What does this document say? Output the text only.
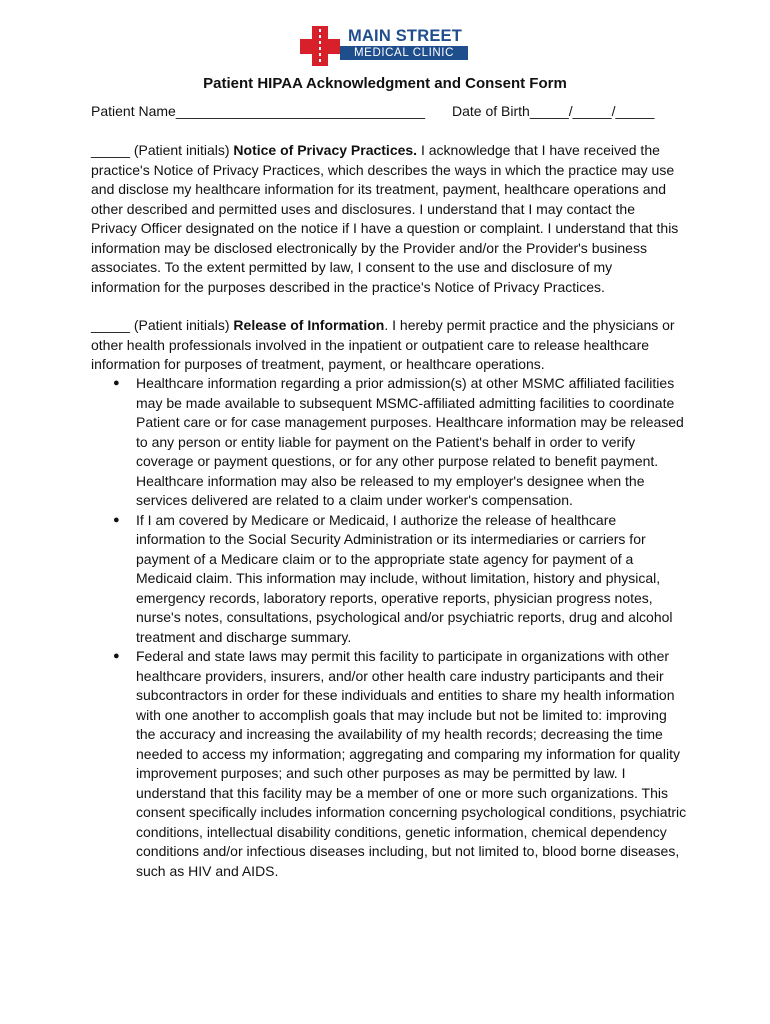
MAIN STREET
MEDICAL CLINIC
Patient HIPAA Acknowledgment and Consent Form
Patient Name________________________________ Date of Birth_____/_____/_____
_____ (Patient initials) Notice of Privacy Practices. I acknowledge that I have received the practice's Notice of Privacy Practices, which describes the ways in which the practice may use and disclose my healthcare information for its treatment, payment, healthcare operations and other described and permitted uses and disclosures. I understand that I may contact the Privacy Officer designated on the notice if I have a question or complaint. I understand that this information may be disclosed electronically by the Provider and/or the Provider's business associates. To the extent permitted by law, I consent to the use and disclosure of my information for the purposes described in the practice's Notice of Privacy Practices.
_____ (Patient initials) Release of Information. I hereby permit practice and the physicians or other health professionals involved in the inpatient or outpatient care to release healthcare information for purposes of treatment, payment, or healthcare operations.
● Healthcare information regarding a prior admission(s) at other MSMC affiliated facilities may be made available to subsequent MSMC-affiliated admitting facilities to coordinate Patient care or for case management purposes. Healthcare information may be released to any person or entity liable for payment on the Patient's behalf in order to verify coverage or payment questions, or for any other purpose related to benefit payment. Healthcare information may also be released to my employer's designee when the services delivered are related to a claim under worker's compensation.
● If I am covered by Medicare or Medicaid, I authorize the release of healthcare information to the Social Security Administration or its intermediaries or carriers for payment of a Medicare claim or to the appropriate state agency for payment of a Medicaid claim. This information may include, without limitation, history and physical, emergency records, laboratory reports, operative reports, physician progress notes, nurse's notes, consultations, psychological and/or psychiatric reports, drug and alcohol treatment and discharge summary.
● Federal and state laws may permit this facility to participate in organizations with other healthcare providers, insurers, and/or other health care industry participants and their subcontractors in order for these individuals and entities to share my health information with one another to accomplish goals that may include but not be limited to: improving the accuracy and increasing the availability of my health records; decreasing the time needed to access my information; aggregating and comparing my information for quality improvement purposes; and such other purposes as may be permitted by law. I understand that this facility may be a member of one or more such organizations. This consent specifically includes information concerning psychological conditions, psychiatric conditions, intellectual disability conditions, genetic information, chemical dependency conditions and/or infectious diseases including, but not limited to, blood borne diseases, such as HIV and AIDS.
